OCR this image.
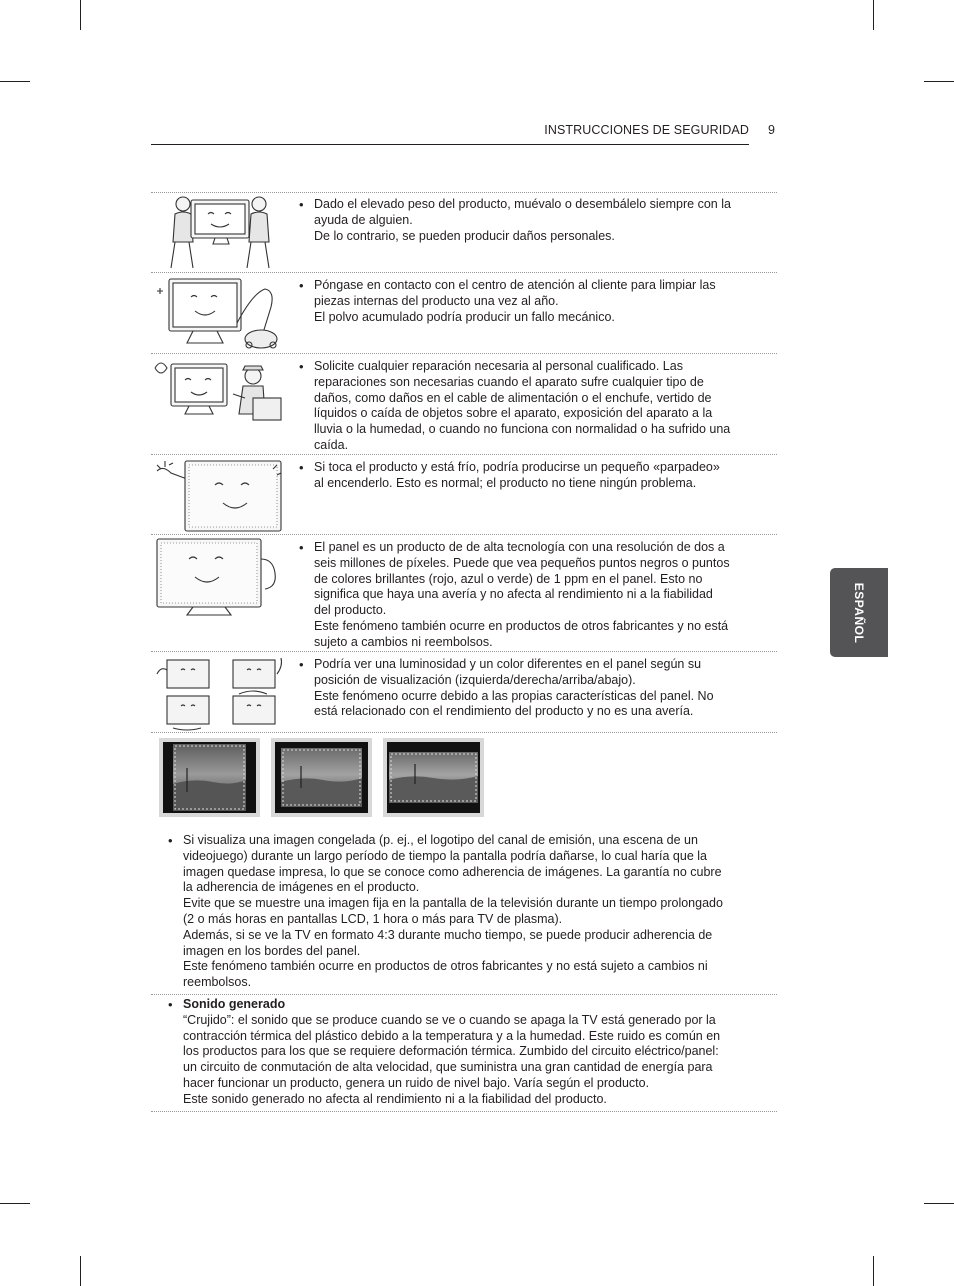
INSTRUCCIONES DE SEGURIDAD 9
ESPAÑOL
• Dado el elevado peso del producto, muévalo o desembálelo siempre con la
ayuda de alguien.
De lo contrario, se pueden producir daños personales.
• Póngase en contacto con el centro de atención al cliente para limpiar las
piezas internas del producto una vez al año.
El polvo acumulado podría producir un fallo mecánico.
• Solicite cualquier reparación necesaria al personal cualificado. Las
reparaciones son necesarias cuando el aparato sufre cualquier tipo de
daños, como daños en el cable de alimentación o el enchufe, vertido de
líquidos o caída de objetos sobre el aparato, exposición del aparato a la
lluvia o la humedad, o cuando no funciona con normalidad o ha sufrido una
caída.
• Si toca el producto y está frío, podría producirse un pequeño «parpadeo»
al encenderlo. Esto es normal; el producto no tiene ningún problema.
• El panel es un producto de de alta tecnología con una resolución de dos a
seis millones de píxeles. Puede que vea pequeños puntos negros o puntos
de colores brillantes (rojo, azul o verde) de 1 ppm en el panel. Esto no
significa que haya una avería y no afecta al rendimiento ni a la fiabilidad
del producto.
Este fenómeno también ocurre en productos de otros fabricantes y no está
sujeto a cambios ni reembolsos.
• Podría ver una luminosidad y un color diferentes en el panel según su
posición de visualización (izquierda/derecha/arriba/abajo).
Este fenómeno ocurre debido a las propias características del panel. No
está relacionado con el rendimiento del producto y no es una avería.
• Si visualiza una imagen congelada (p. ej., el logotipo del canal de emisión, una escena de un
videojuego) durante un largo período de tiempo la pantalla podría dañarse, lo cual haría que la
imagen quedase impresa, lo que se conoce como adherencia de imágenes. La garantía no cubre
la adherencia de imágenes en el producto.
Evite que se muestre una imagen fija en la pantalla de la televisión durante un tiempo prolongado
(2 o más horas en pantallas LCD, 1 hora o más para TV de plasma).
Además, si se ve la TV en formato 4:3 durante mucho tiempo, se puede producir adherencia de
imagen en los bordes del panel.
Este fenómeno también ocurre en productos de otros fabricantes y no está sujeto a cambios ni
reembolsos.
• Sonido generado
“Crujido”: el sonido que se produce cuando se ve o cuando se apaga la TV está generado por la
contracción térmica del plástico debido a la temperatura y a la humedad. Este ruido es común en
los productos para los que se requiere deformación térmica. Zumbido del circuito eléctrico/panel:
un circuito de conmutación de alta velocidad, que suministra una gran cantidad de energía para
hacer funcionar un producto, genera un ruido de nivel bajo. Varía según el producto.
Este sonido generado no afecta al rendimiento ni a la fiabilidad del producto.
